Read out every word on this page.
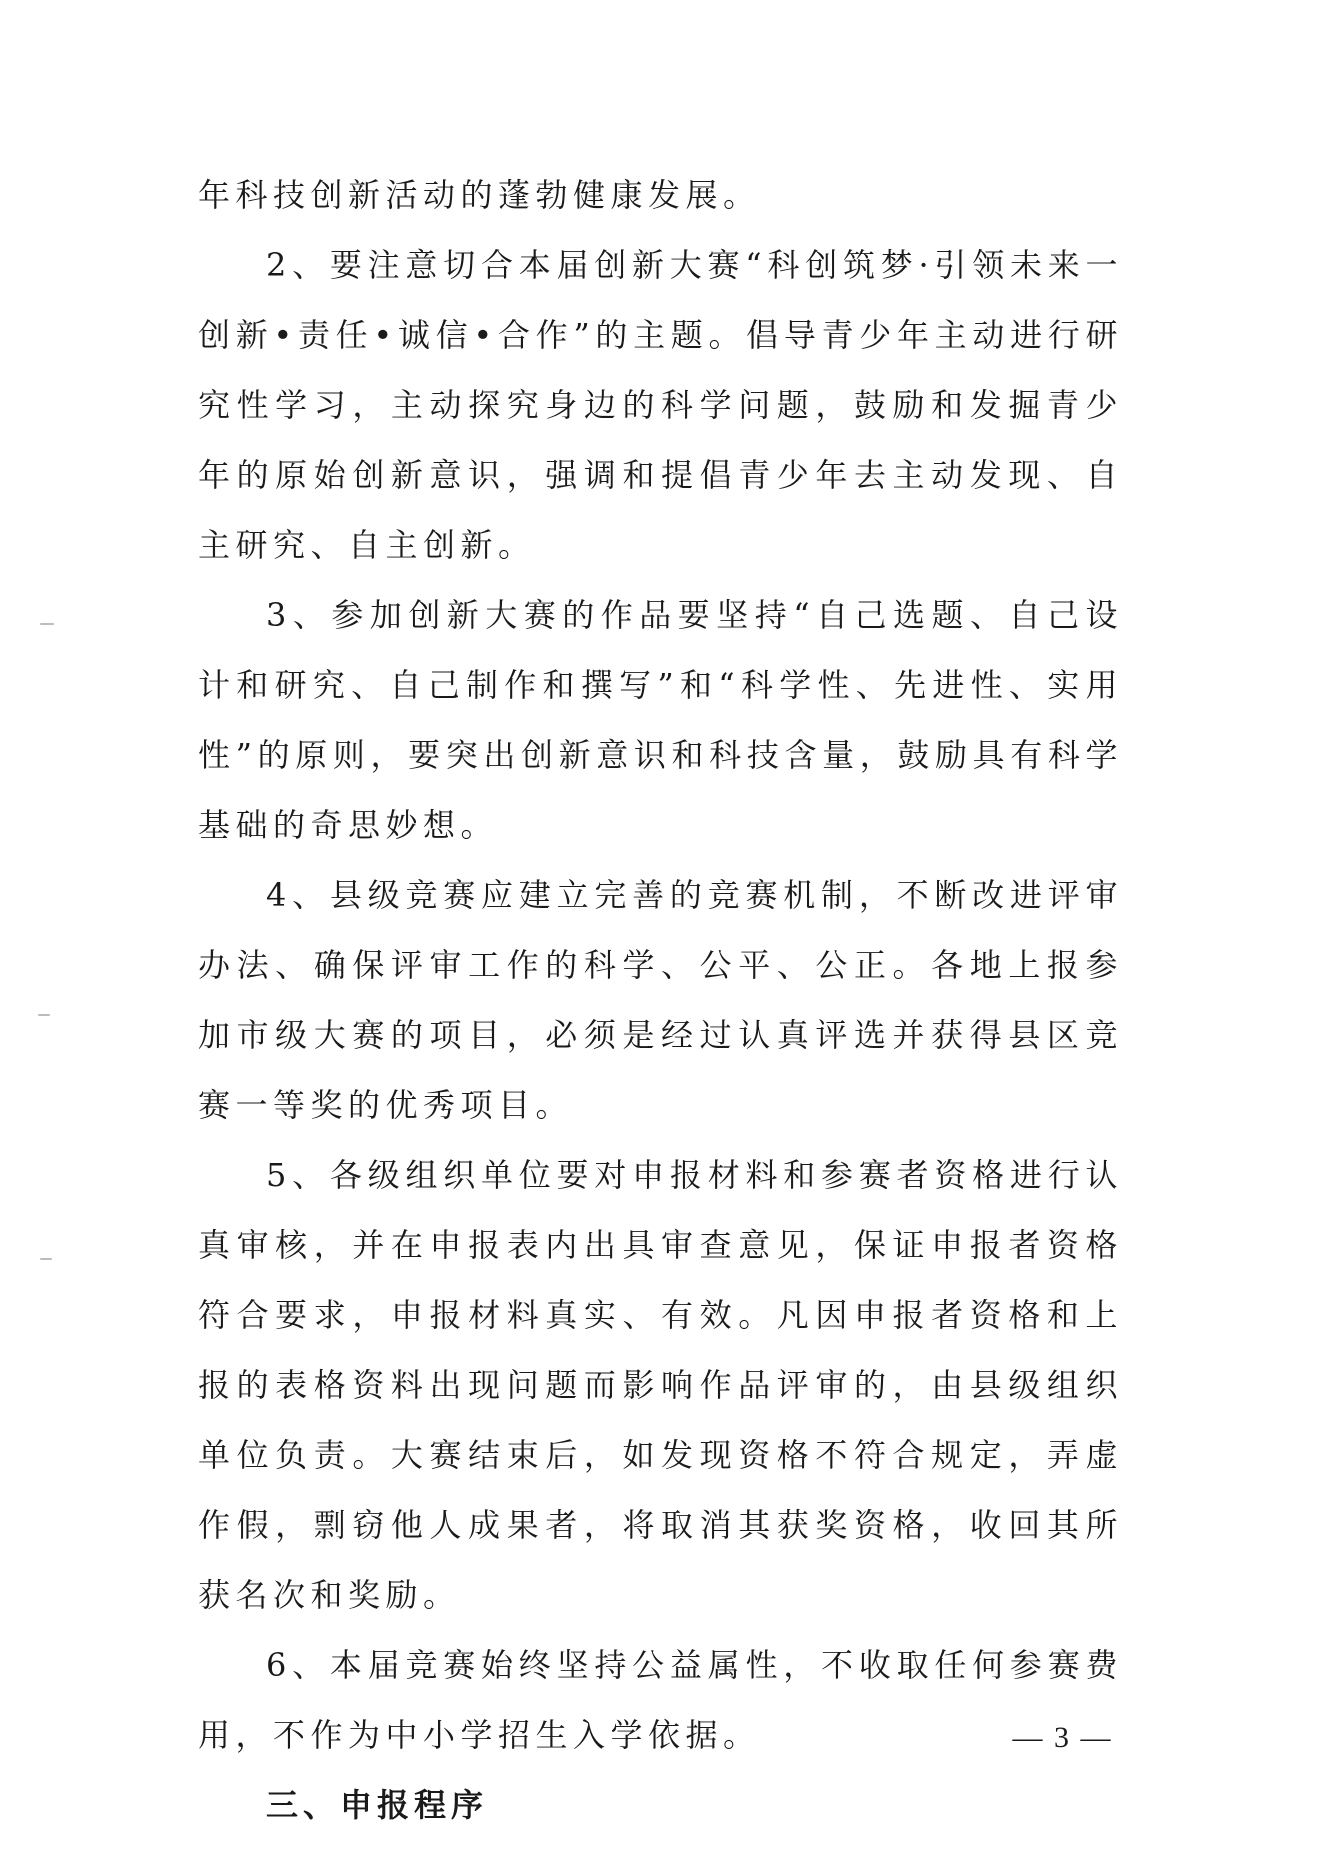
年科技创新活动的蓬勃健康发展。

2、要注意切合本届创新大赛“科创筑梦·引领未来一创新•责任•诚信•合作”的主题。倡导青少年主动进行研究性学习，主动探究身边的科学问题，鼓励和发掘青少年的原始创新意识，强调和提倡青少年去主动发现、自主研究、自主创新。

3、参加创新大赛的作品要坚持“自己选题、自己设计和研究、自己制作和撰写”和“科学性、先进性、实用性”的原则，要突出创新意识和科技含量，鼓励具有科学基础的奇思妙想。

4、县级竞赛应建立完善的竞赛机制，不断改进评审办法、确保评审工作的科学、公平、公正。各地上报参加市级大赛的项目，必须是经过认真评选并获得县区竞赛一等奖的优秀项目。

5、各级组织单位要对申报材料和参赛者资格进行认真审核，并在申报表内出具审查意见，保证申报者资格符合要求，申报材料真实、有效。凡因申报者资格和上报的表格资料出现问题而影响作品评审的，由县级组织单位负责。大赛结束后，如发现资格不符合规定，弄虚作假，剽窃他人成果者，将取消其获奖资格，收回其所获名次和奖励。

6、本届竞赛始终坚持公益属性，不收取任何参赛费用，不作为中小学招生入学依据。

三、申报程序

— 3 —
